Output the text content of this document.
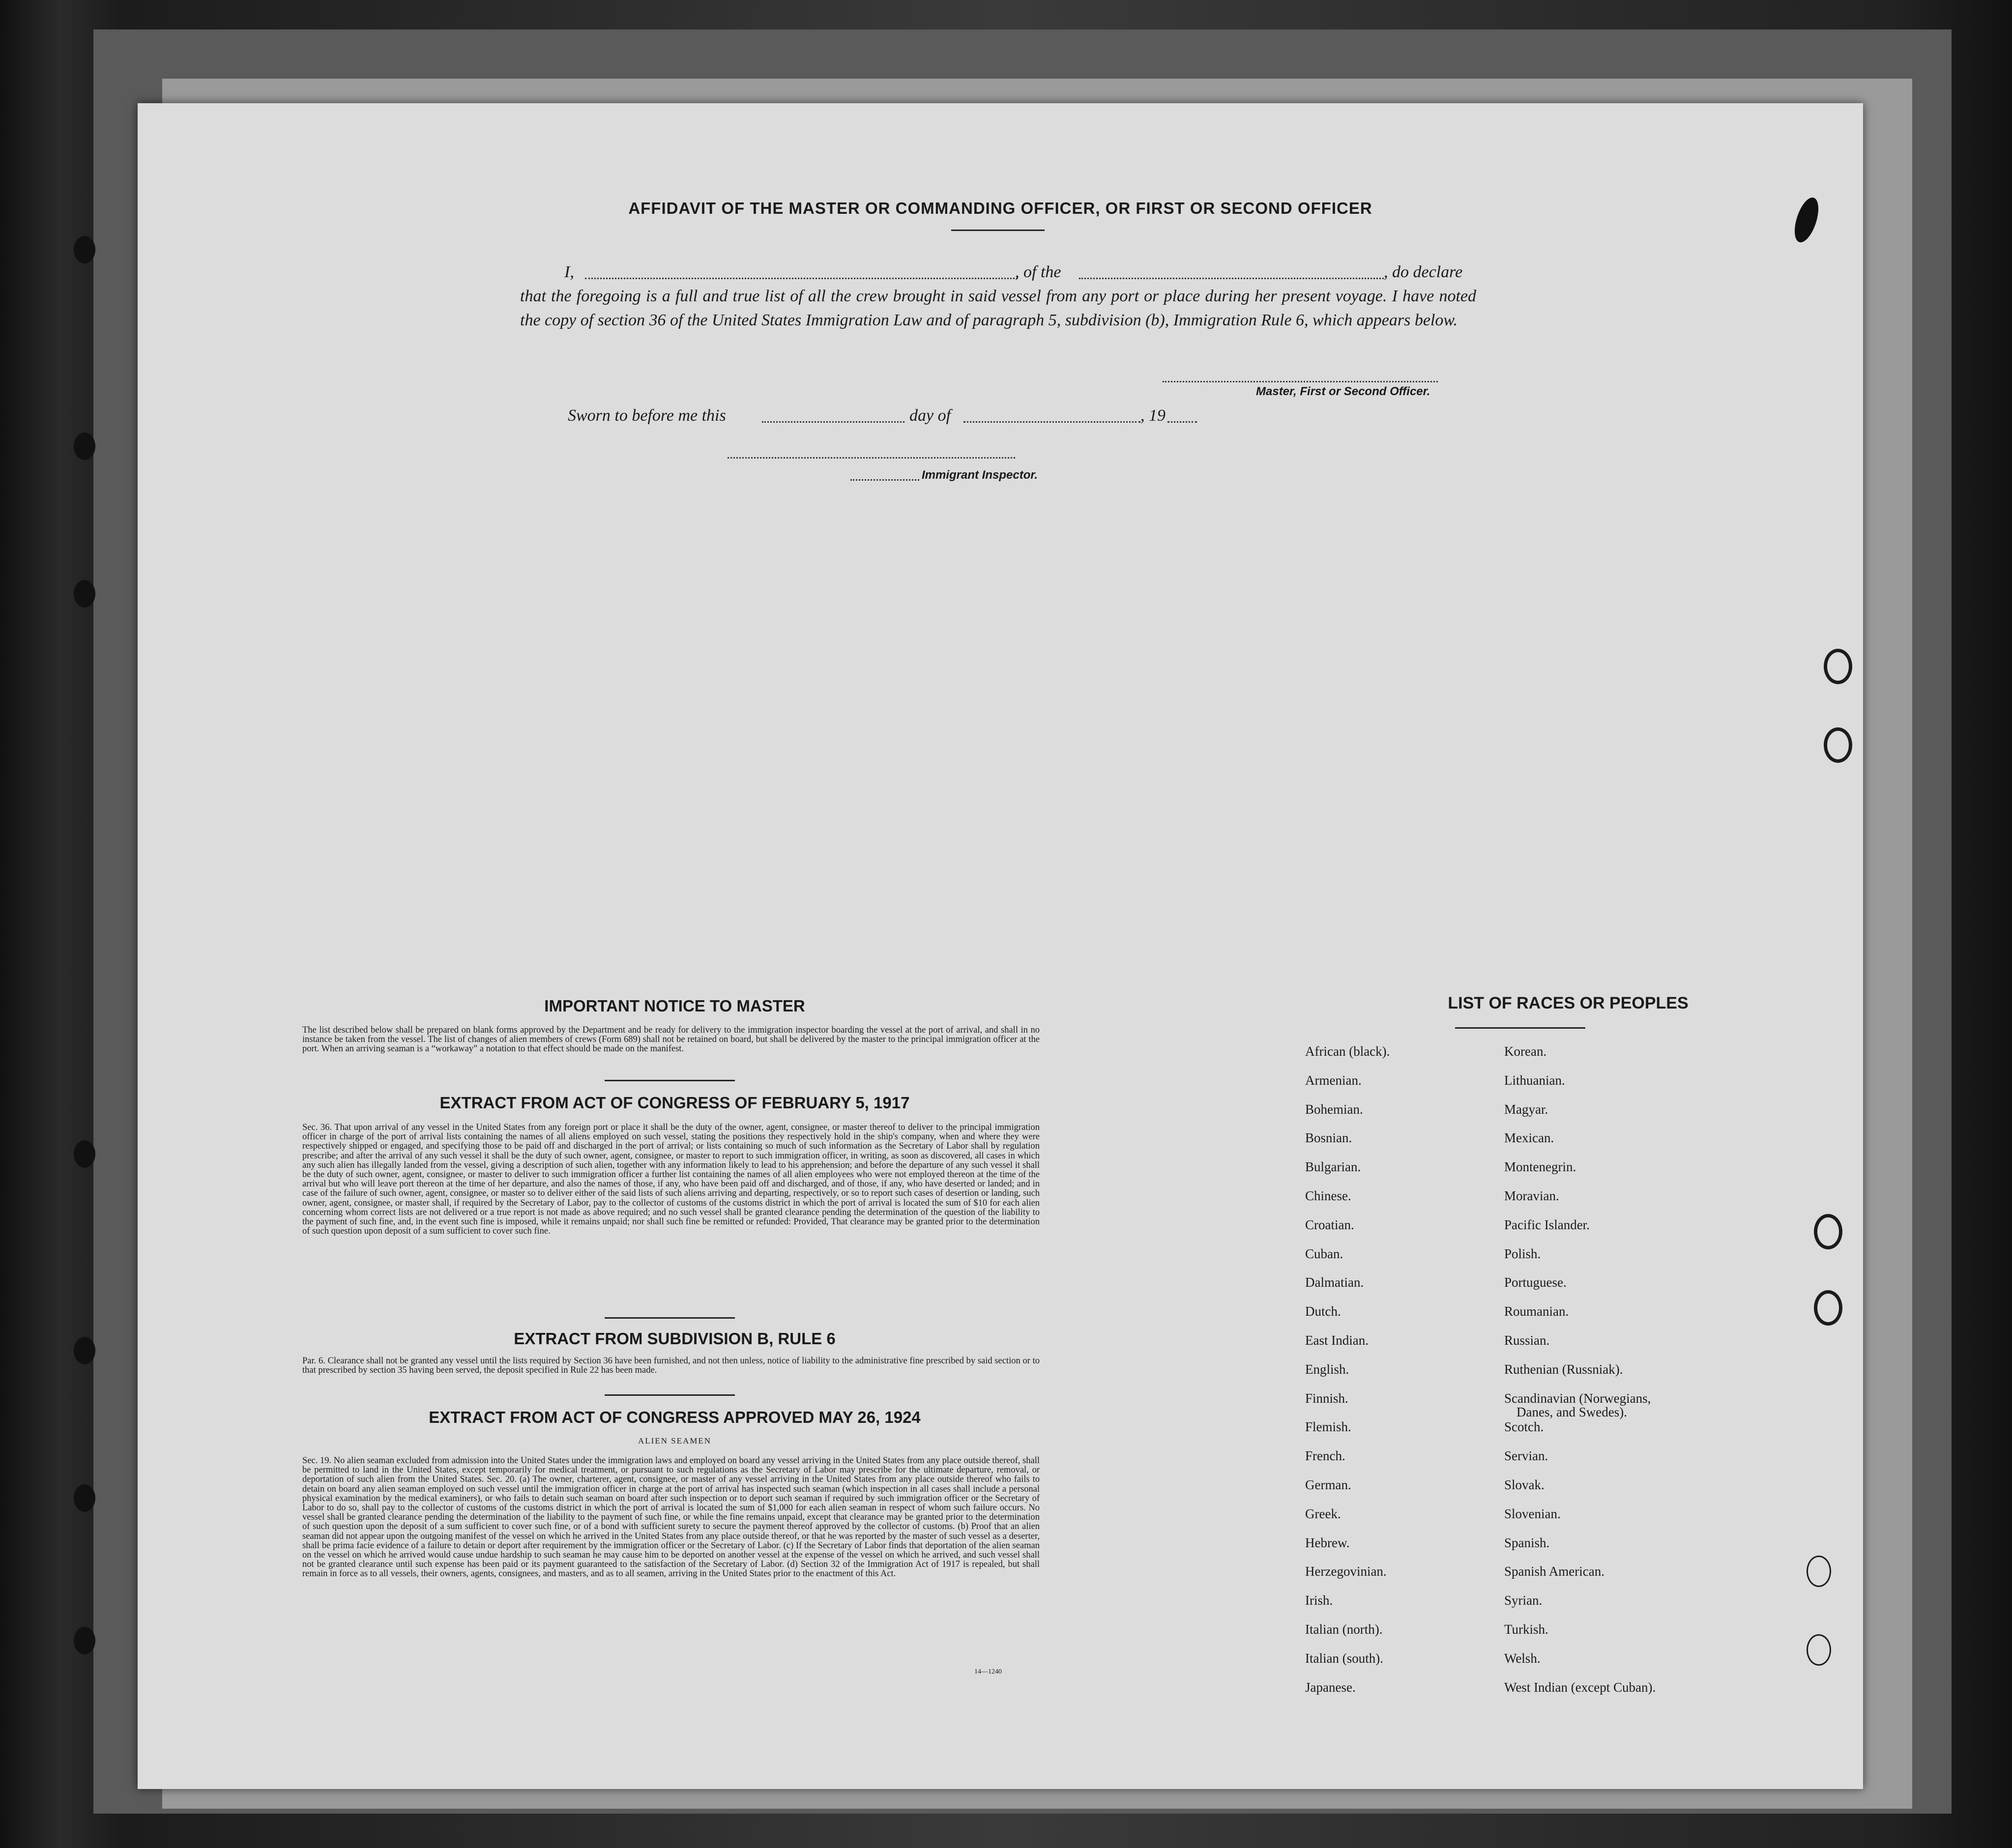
AFFIDAVIT OF THE MASTER OR COMMANDING OFFICER, OR FIRST OR SECOND OFFICER
I,	, of the	, do declare
that the foregoing is a full and true list of all the crew brought in said vessel from any port or place during her present voyage. I have noted the copy of section 36 of the United States Immigration Law and of paragraph 5, subdivision (b), Immigration Rule 6, which appears below.
Master, First or Second Officer.
Sworn to before me this	day of	, 19
Immigrant Inspector.
IMPORTANT NOTICE TO MASTER
The list described below shall be prepared on blank forms approved by the Department and be ready for delivery to the immigration inspector boarding the vessel at the port of arrival, and shall in no instance be taken from the vessel. The list of changes of alien members of crews (Form 689) shall not be retained on board, but shall be delivered by the master to the principal immigration officer at the port. When an arriving seaman is a “workaway” a notation to that effect should be made on the manifest.
EXTRACT FROM ACT OF CONGRESS OF FEBRUARY 5, 1917
Sec. 36. That upon arrival of any vessel in the United States from any foreign port or place it shall be the duty of the owner, agent, consignee, or master thereof to deliver to the principal immigration officer in charge of the port of arrival lists containing the names of all aliens employed on such vessel, stating the positions they respectively hold in the ship's company, when and where they were respectively shipped or engaged, and specifying those to be paid off and discharged in the port of arrival; or lists containing so much of such information as the Secretary of Labor shall by regulation prescribe; and after the arrival of any such vessel it shall be the duty of such owner, agent, consignee, or master to report to such immigration officer, in writing, as soon as discovered, all cases in which any such alien has illegally landed from the vessel, giving a description of such alien, together with any information likely to lead to his apprehension; and before the departure of any such vessel it shall be the duty of such owner, agent, consignee, or master to deliver to such immigration officer a further list containing the names of all alien employees who were not employed thereon at the time of the arrival but who will leave port thereon at the time of her departure, and also the names of those, if any, who have been paid off and discharged, and of those, if any, who have deserted or landed; and in case of the failure of such owner, agent, consignee, or master so to deliver either of the said lists of such aliens arriving and departing, respectively, or so to report such cases of desertion or landing, such owner, agent, consignee, or master shall, if required by the Secretary of Labor, pay to the collector of customs of the customs district in which the port of arrival is located the sum of $10 for each alien concerning whom correct lists are not delivered or a true report is not made as above required; and no such vessel shall be granted clearance pending the determination of the question of the liability to the payment of such fine, and, in the event such fine is imposed, while it remains unpaid; nor shall such fine be remitted or refunded: Provided, That clearance may be granted prior to the determination of such question upon deposit of a sum sufficient to cover such fine.
EXTRACT FROM SUBDIVISION B, RULE 6
Par. 6. Clearance shall not be granted any vessel until the lists required by Section 36 have been furnished, and not then unless, notice of liability to the administrative fine prescribed by said section or to that prescribed by section 35 having been served, the deposit specified in Rule 22 has been made.
EXTRACT FROM ACT OF CONGRESS APPROVED MAY 26, 1924
ALIEN SEAMEN
Sec. 19. No alien seaman excluded from admission into the United States under the immigration laws and employed on board any vessel arriving in the United States from any place outside thereof, shall be permitted to land in the United States, except temporarily for medical treatment, or pursuant to such regulations as the Secretary of Labor may prescribe for the ultimate departure, removal, or deportation of such alien from the United States. Sec. 20. (a) The owner, charterer, agent, consignee, or master of any vessel arriving in the United States from any place outside thereof who fails to detain on board any alien seaman employed on such vessel until the immigration officer in charge at the port of arrival has inspected such seaman (which inspection in all cases shall include a personal physical examination by the medical examiners), or who fails to detain such seaman on board after such inspection or to deport such seaman if required by such immigration officer or the Secretary of Labor to do so, shall pay to the collector of customs of the customs district in which the port of arrival is located the sum of $1,000 for each alien seaman in respect of whom such failure occurs. No vessel shall be granted clearance pending the determination of the liability to the payment of such fine, or while the fine remains unpaid, except that clearance may be granted prior to the determination of such question upon the deposit of a sum sufficient to cover such fine, or of a bond with sufficient surety to secure the payment thereof approved by the collector of customs. (b) Proof that an alien seaman did not appear upon the outgoing manifest of the vessel on which he arrived in the United States from any place outside thereof, or that he was reported by the master of such vessel as a deserter, shall be prima facie evidence of a failure to detain or deport after requirement by the immigration officer or the Secretary of Labor. (c) If the Secretary of Labor finds that deportation of the alien seaman on the vessel on which he arrived would cause undue hardship to such seaman he may cause him to be deported on another vessel at the expense of the vessel on which he arrived, and such vessel shall not be granted clearance until such expense has been paid or its payment guaranteed to the satisfaction of the Secretary of Labor. (d) Section 32 of the Immigration Act of 1917 is repealed, but shall remain in force as to all vessels, their owners, agents, consignees, and masters, and as to all seamen, arriving in the United States prior to the enactment of this Act.
14—1240
LIST OF RACES OR PEOPLES
African (black).
Armenian.
Bohemian.
Bosnian.
Bulgarian.
Chinese.
Croatian.
Cuban.
Dalmatian.
Dutch.
East Indian.
English.
Finnish.
Flemish.
French.
German.
Greek.
Hebrew.
Herzegovinian.
Irish.
Italian (north).
Italian (south).
Japanese.
Korean.
Lithuanian.
Magyar.
Mexican.
Montenegrin.
Moravian.
Pacific Islander.
Polish.
Portuguese.
Roumanian.
Russian.
Ruthenian (Russniak).
Scandinavian (Norwegians,
Danes, and Swedes).
Scotch.
Servian.
Slovak.
Slovenian.
Spanish.
Spanish American.
Syrian.
Turkish.
Welsh.
West Indian (except Cuban).
